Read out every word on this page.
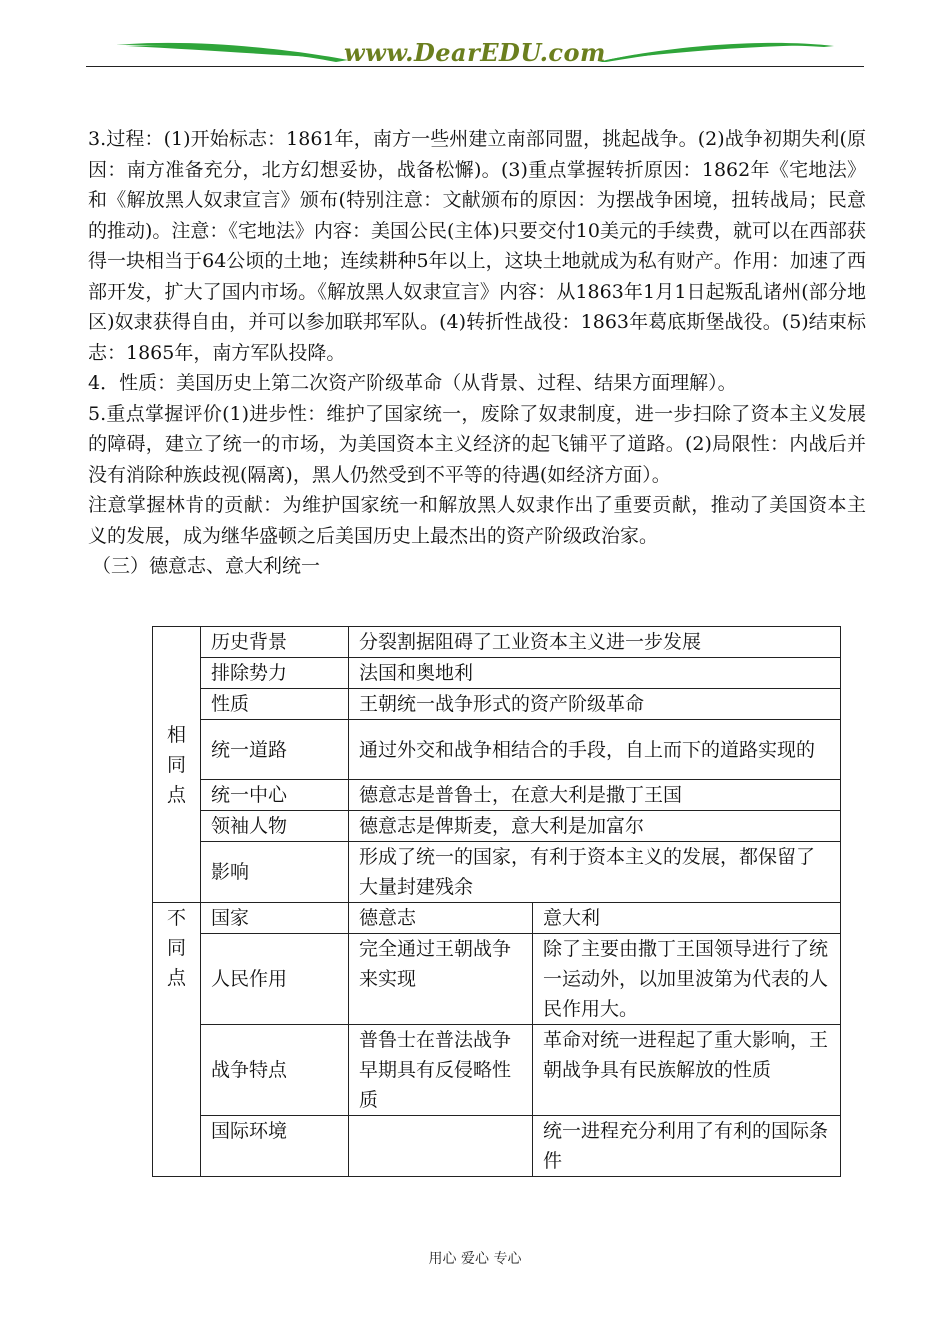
www.DearEDU.com

3.过程：(1)开始标志：1861年，南方一些州建立南部同盟，挑起战争。(2)战争初期失利(原因：南方准备充分，北方幻想妥协，战备松懈)。(3)重点掌握转折原因：1862年《宅地法》和《解放黑人奴隶宣言》颁布(特别注意：文献颁布的原因：为摆战争困境，扭转战局；民意的推动)。注意：《宅地法》内容：美国公民(主体)只要交付10美元的手续费，就可以在西部获得一块相当于64公顷的土地；连续耕种5年以上，这块土地就成为私有财产。作用：加速了西部开发，扩大了国内市场。《解放黑人奴隶宣言》内容：从1863年1月1日起叛乱诸州(部分地区)奴隶获得自由，并可以参加联邦军队。(4)转折性战役：1863年葛底斯堡战役。(5)结束标志：1865年，南方军队投降。

4．性质：美国历史上第二次资产阶级革命（从背景、过程、结果方面理解）。

5.重点掌握评价(1)进步性：维护了国家统一，废除了奴隶制度，进一步扫除了资本主义发展的障碍，建立了统一的市场，为美国资本主义经济的起飞铺平了道路。(2)局限性：内战后并没有消除种族歧视(隔离)，黑人仍然受到不平等的待遇(如经济方面）。

注意掌握林肯的贡献：为维护国家统一和解放黑人奴隶作出了重要贡献，推动了美国资本主义的发展，成为继华盛顿之后美国历史上最杰出的资产阶级政治家。

（三）德意志、意大利统一
相
同
点	历史背景	分裂割据阻碍了工业资本主义进一步发展	
	排除势力	法国和奥地利	
	性质	王朝统一战争形式的资产阶级革命	
	统一道路	通过外交和战争相结合的手段，自上而下的道路实现的	
	统一中心	德意志是普鲁士，在意大利是撒丁王国	
	领袖人物	德意志是俾斯麦，意大利是加富尔	
	影响	形成了统一的国家，有利于资本主义的发展，都保留了大量封建残余	

不
同
点	国家	德意志	意大利
	人民作用	完全通过王朝战争来实现	除了主要由撒丁王国领导进行了统一运动外，以加里波第为代表的人民作用大。
	战争特点	普鲁士在普法战争早期具有反侵略性质	革命对统一进程起了重大影响，王朝战争具有民族解放的性质
	国际环境		统一进程充分利用了有利的国际条件
用心 爱心 专心
